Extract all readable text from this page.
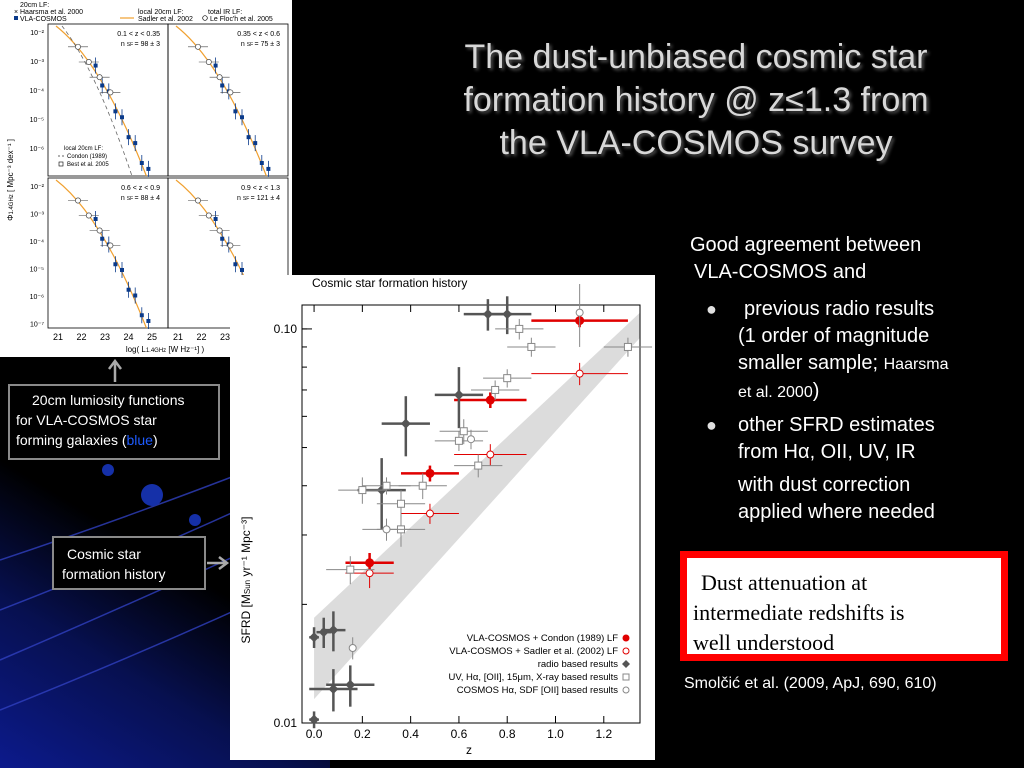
The dust-unbiased cosmic star
formation history @ z≤1.3 from
the VLA-COSMOS survey
20cm LF:
× Haarsma et al. 2000
VLA-COSMOS
local 20cm LF:
Sadler et al. 2002
total IR LF:
Le Floc'h et al. 2005
Φ1.4GHz [ Mpc⁻³ dex⁻¹ ]
log( L1.4GHz [W Hz⁻¹] )
0.1 < z < 0.35
n SF = 98 ± 3
0.35 < z < 0.6
n SF = 75 ± 3
0.6 < z < 0.9
n SF = 88 ± 4
0.9 < z < 1.3
n SF = 121 ± 4
10⁻²
10⁻³
10⁻⁴
10⁻⁵
10⁻⁶
10⁻²
10⁻³
10⁻⁴
10⁻⁵
10⁻⁶
10⁻⁷
21	21
22	22
23	23
24 25
local 20cm LF:
Condon (1989)
Best et al. 2005
Cosmic star formation history
SFRD [MSun yr⁻¹ Mpc⁻³]
z
0.0	0.2	0.4	0.6	0.8	1.0	1.2
0.01
0.10
VLA-COSMOS + Condon (1989) LF
VLA-COSMOS + Sadler et al. (2002) LF
radio based results
UV, Hα, [OII], 15μm, X-ray based results
COSMOS Hα, SDF [OII] based results
20cm lumiosity functions
for VLA-COSMOS star
forming galaxies (blue)
Cosmic star
formation history

Good agreement between
VLA-COSMOS and

● previous radio results
(1 order of magnitude
smaller sample; Haarsma
et al. 2000)
● other SFRD estimates
from Hα, OII, UV, IR
with dust correction
applied where needed
Dust attenuation at
intermediate redshifts is
well understood
Smolčić et al. (2009, ApJ, 690, 610)
